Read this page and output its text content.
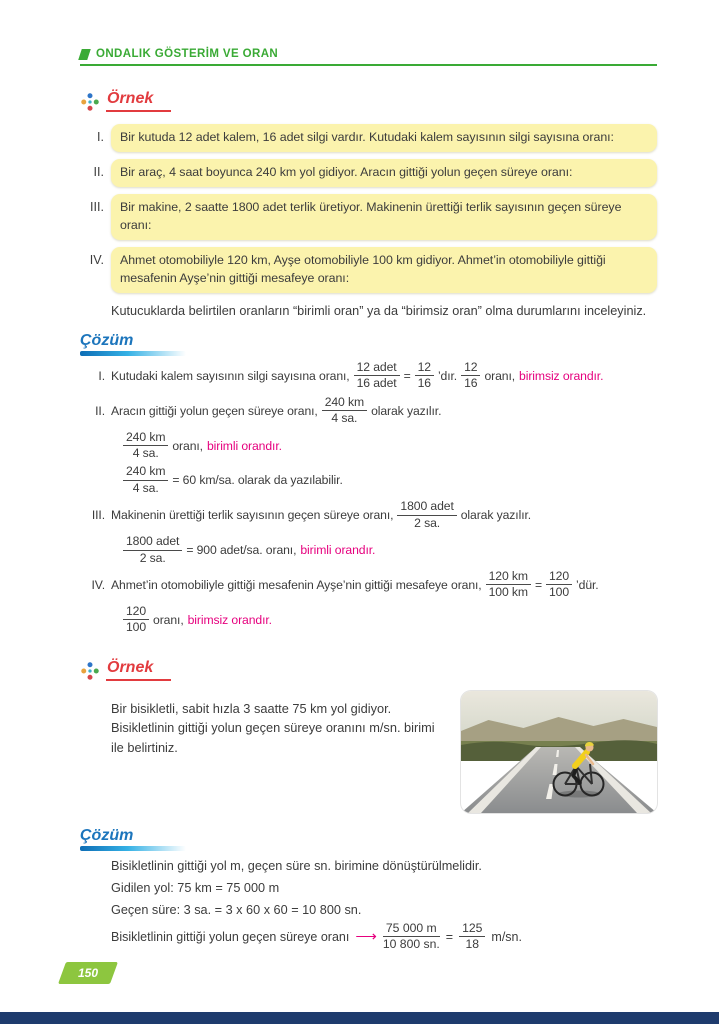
ONDALIK GÖSTERİM VE ORAN
Örnek
I.	Bir kutuda 12 adet kalem, 16 adet silgi vardır. Kutudaki kalem sayısının silgi sayısına oranı:
II.	Bir araç, 4 saat boyunca 240 km yol gidiyor. Aracın gittiği yolun geçen süreye oranı:
III.	Bir makine, 2 saatte 1800 adet terlik üretiyor. Makinenin ürettiği terlik sayısının geçen süreye oranı:
IV.	Ahmet otomobiliyle 120 km, Ayşe otomobiliyle 100 km gidiyor. Ahmet’in otomobiliyle gittiği mesafenin Ayşe’nin gittiği mesafeye oranı:
Kutucuklarda belirtilen oranların “birimli oran” ya da “birimsiz oran” olma durumlarını inceleyiniz.
Çözüm
I. Kutudaki kalem sayısının silgi sayısına oranı, $\frac{12 adet}{16 adet} = \frac{12}{16}$ ’dır. $\frac{12}{16}$ oranı, birimsiz orandır.
II. Aracın gittiği yolun geçen süreye oranı, $\frac{240 km}{4 sa.}$ olarak yazılır.
$\frac{240 km}{4 sa.}$ oranı, birimli orandır.
$\frac{240 km}{4 sa.} = 60$ km/sa. olarak da yazılabilir.
III. Makinenin ürettiği terlik sayısının geçen süreye oranı, $\frac{1800 adet}{2 sa.}$ olarak yazılır.
$\frac{1800 adet}{2 sa.} = 900$ adet/sa. oranı, birimli orandır.
IV. Ahmet’in otomobiliyle gittiği mesafenin Ayşe’nin gittiği mesafeye oranı, $\frac{120 km}{100 km} = \frac{120}{100}$ ’dür.
$\frac{120}{100}$ oranı, birimsiz orandır.
Örnek
Bir bisikletli, sabit hızla 3 saatte 75 km yol gidiyor. Bisikletlinin gittiği yolun geçen süreye oranını m/sn. birimi ile belirtiniz.
Çözüm
Bisikletlinin gittiği yol m, geçen süre sn. birimine dönüştürülmelidir.
Gidilen yol: 75 km = 75 000 m
Geçen süre: 3 sa. = 3 x 60 x 60 = 10 800 sn.
Bisikletlinin gittiği yolun geçen süreye oranı ⟶ $\frac{75 000 m}{10 800 sn.} = \frac{125}{18} m/sn$.
150
